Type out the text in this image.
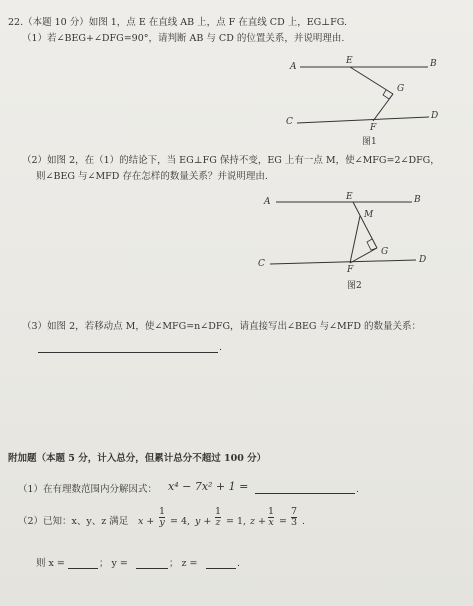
22.（本题 10 分）如图 1，点 E 在直线 AB 上，点 F 在直线 CD 上，EG⊥FG.
（1）若∠BEG+∠DFG=90°，请判断 AB 与 CD 的位置关系，并说明理由.
A	B
E
G
C
D
F
图1
（2）如图 2，在（1）的结论下，当 EG⊥FG 保持不变，EG 上有一点 M，使∠MFG=2∠DFG，
则∠BEG 与∠MFD 存在怎样的数量关系？并说明理由.
A	B
E
M
G
C	D
F
图2
（3）如图 2，若移动点 M，使∠MFG=n∠DFG，请直接写出∠BEG 与∠MFD 的数量关系：
.
附加题（本题 5 分，计入总分，但累计总分不超过 100 分）
（1）在有理数范围内分解因式： x⁴ − 7x² + 1 =	.
（2）已知：x、y、z 满足 $x + \frac{1}{y} = 4$, $y + \frac{1}{z} = 1$, $z + \frac{1}{x} = \frac{7}{3}$ .
则 x =	； y =	； z =	.
